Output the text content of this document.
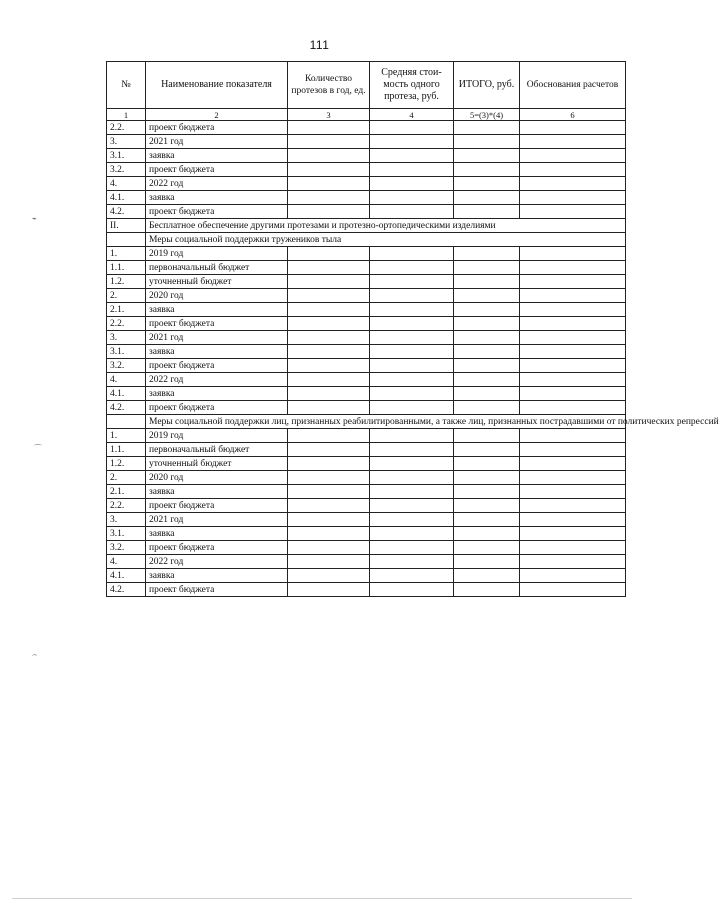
111
№	Наименование показателя	Количество протезов в год, ед.	Средняя стои-мость одного протеза, руб.	ИТОГО, руб.	Обоснования расчетов
1	2	3	4	5=(3)*(4)	6
2.2.	проект бюджета				
3.	2021 год				
3.1.	заявка				
3.2.	проект бюджета				
4.	2022 год				
4.1.	заявка				
4.2.	проект бюджета				
II.	Бесплатное обеспечение другими протезами и протезно-ортопедическими изделиями				
	Меры социальной поддержки тружеников тыла				
1.	2019 год				
1.1.	первоначальный бюджет				
1.2.	уточненный бюджет				
2.	2020 год				
2.1.	заявка				
2.2.	проект бюджета				
3.	2021 год				
3.1.	заявка				
3.2.	проект бюджета				
4.	2022 год				
4.1.	заявка				
4.2.	проект бюджета				
	Меры социальной поддержки лиц, признанных реабилитированными, а также лиц, признанных пострадавшими от политических репрессий				
1.	2019 год				
1.1.	первоначальный бюджет				
1.2.	уточненный бюджет				
2.	2020 год				
2.1.	заявка				
2.2.	проект бюджета				
3.	2021 год				
3.1.	заявка				
3.2.	проект бюджета				
4.	2022 год				
4.1.	заявка				
4.2.	проект бюджета				
⌁
⌒
⌢
